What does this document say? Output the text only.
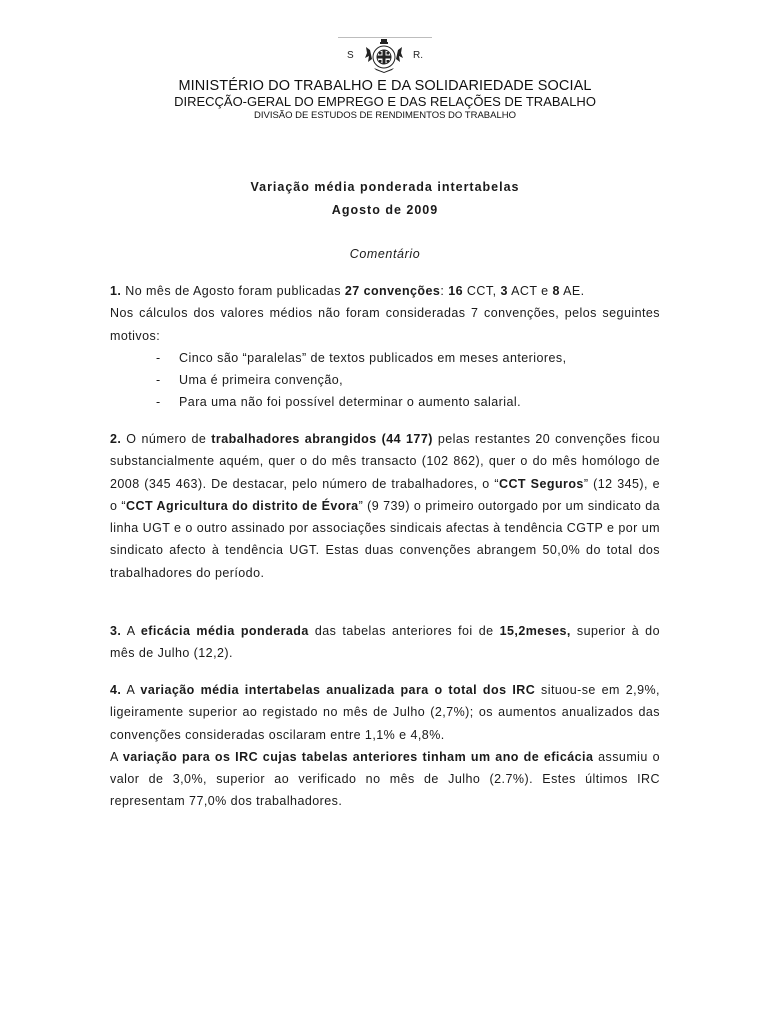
S	R.
MINISTÉRIO DO TRABALHO E DA SOLIDARIEDADE SOCIAL
DIRECÇÃO-GERAL DO EMPREGO E DAS RELAÇÕES DE TRABALHO
DIVISÃO DE ESTUDOS DE RENDIMENTOS DO TRABALHO
Variação média ponderada intertabelas
Agosto de 2009
Comentário

1. No mês de Agosto foram publicadas 27 convenções: 16 CCT, 3 ACT e 8 AE.

Nos cálculos dos valores médios não foram consideradas 7 convenções, pelos seguintes motivos:

- Cinco são “paralelas” de textos publicados em meses anteriores,
- Uma é primeira convenção,
- Para uma não foi possível determinar o aumento salarial.

2. O número de trabalhadores abrangidos (44 177) pelas restantes 20 convenções ficou substancialmente aquém, quer o do mês transacto (102 862), quer o do mês homólogo de 2008 (345 463). De destacar, pelo número de trabalhadores, o “CCT Seguros” (12 345), e o “CCT Agricultura do distrito de Évora” (9 739) o primeiro outorgado por um sindicato da linha UGT e o outro assinado por associações sindicais afectas à tendência CGTP e por um sindicato afecto à tendência UGT. Estas duas convenções abrangem 50,0% do total dos trabalhadores do período.

3. A eficácia média ponderada das tabelas anteriores foi de 15,2meses, superior à do mês de Julho (12,2).

4. A variação média intertabelas anualizada para o total dos IRC situou-se em 2,9%, ligeiramente superior ao registado no mês de Julho (2,7%); os aumentos anualizados das convenções consideradas oscilaram entre 1,1% e 4,8%.

A variação para os IRC cujas tabelas anteriores tinham um ano de eficácia assumiu o valor de 3,0%, superior ao verificado no mês de Julho (2.7%). Estes últimos IRC representam 77,0% dos trabalhadores.
